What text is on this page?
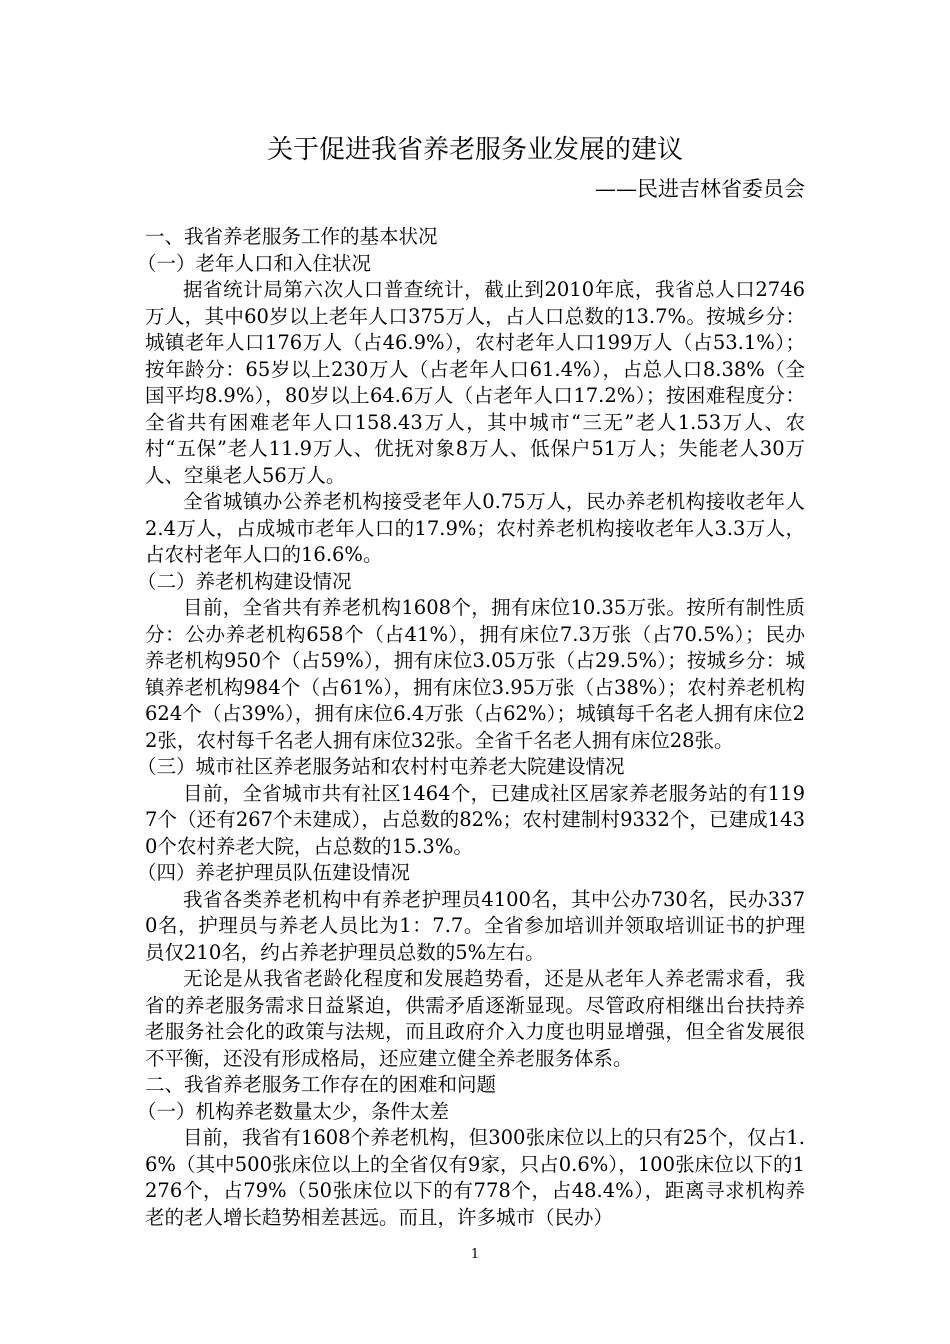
关于促进我省养老服务业发展的建议
——民进吉林省委员会

一、我省养老服务工作的基本状况

（一）老年人口和入住状况

据省统计局第六次人口普查统计，截止到2010年底，我省总人口2746万人，其中60岁以上老年人口375万人，占人口总数的13.7%。按城乡分：城镇老年人口176万人（占46.9%），农村老年人口199万人（占53.1%）；按年龄分：65岁以上230万人（占老年人口61.4%），占总人口8.38%（全国平均8.9%），80岁以上64.6万人（占老年人口17.2%）；按困难程度分：全省共有困难老年人口158.43万人，其中城市“三无”老人1.53万人、农村“五保”老人11.9万人、优抚对象8万人、低保户51万人；失能老人30万人、空巢老人56万人。

全省城镇办公养老机构接受老年人0.75万人，民办养老机构接收老年人2.4万人，占成城市老年人口的17.9%；农村养老机构接收老年人3.3万人，占农村老年人口的16.6%。

（二）养老机构建设情况

目前，全省共有养老机构1608个，拥有床位10.35万张。按所有制性质分：公办养老机构658个（占41%），拥有床位7.3万张（占70.5%）；民办养老机构950个（占59%），拥有床位3.05万张（占29.5%）；按城乡分：城镇养老机构984个（占61%），拥有床位3.95万张（占38%）；农村养老机构624个（占39%），拥有床位6.4万张（占62%）；城镇每千名老人拥有床位22张，农村每千名老人拥有床位32张。全省千名老人拥有床位28张。

（三）城市社区养老服务站和农村村屯养老大院建设情况

目前，全省城市共有社区1464个，已建成社区居家养老服务站的有1197个（还有267个未建成），占总数的82%；农村建制村9332个，已建成1430个农村养老大院，占总数的15.3%。

（四）养老护理员队伍建设情况

我省各类养老机构中有养老护理员4100名，其中公办730名，民办3370名，护理员与养老人员比为1：7.7。全省参加培训并领取培训证书的护理员仅210名，约占养老护理员总数的5%左右。

无论是从我省老龄化程度和发展趋势看，还是从老年人养老需求看，我省的养老服务需求日益紧迫，供需矛盾逐渐显现。尽管政府相继出台扶持养老服务社会化的政策与法规，而且政府介入力度也明显增强，但全省发展很不平衡，还没有形成格局，还应建立健全养老服务体系。

二、我省养老服务工作存在的困难和问题

（一）机构养老数量太少，条件太差

目前，我省有1608个养老机构，但300张床位以上的只有25个，仅占1.6%（其中500张床位以上的全省仅有9家，只占0.6%），100张床位以下的1276个，占79%（50张床位以下的有778个，占48.4%），距离寻求机构养老的老人增长趋势相差甚远。而且，许多城市（民办）

1
